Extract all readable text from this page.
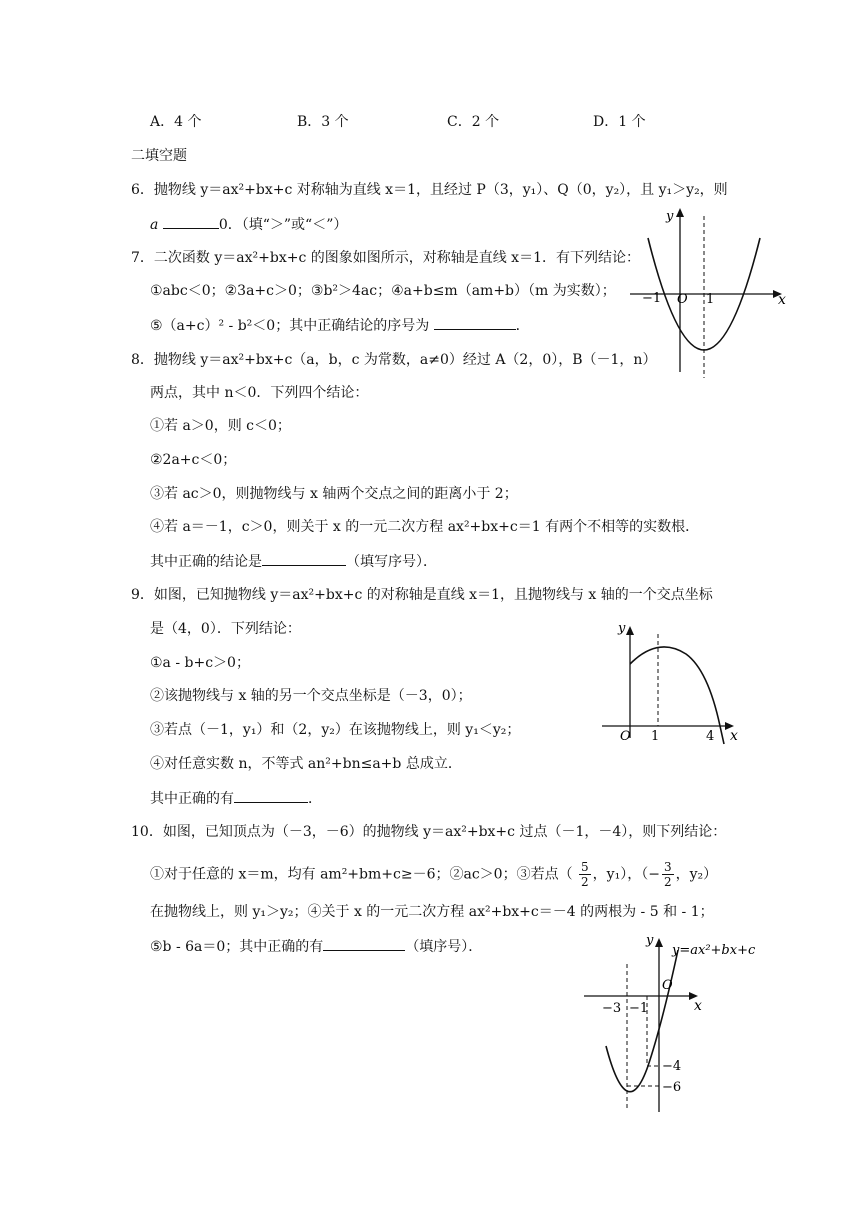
A．4 个	B．3 个	C．2 个	D．1 个
二填空题
6．抛物线 y＝ax²+bx+c 对称轴为直线 x＝1，且经过 P（3，y₁）、Q（0，y₂），且 y₁＞y₂，则
a	0．（填“＞”或“＜”）
7．二次函数 y＝ax²+bx+c 的图象如图所示，对称轴是直线 x＝1．有下列结论：
①abc＜0；②3a+c＞0；③b²＞4ac；④a+b≤m（am+b）（m 为实数）；
⑤（a+c）² - b²＜0；其中正确结论的序号为	．
y
x
−1 O 1
8．抛物线 y＝ax²+bx+c（a，b，c 为常数，a≠0）经过 A（2，0），B（－1，n）
两点，其中 n＜0．下列四个结论：
①若 a＞0，则 c＜0；
②2a+c＜0；
③若 ac＞0，则抛物线与 x 轴两个交点之间的距离小于 2；
④若 a＝－1，c＞0，则关于 x 的一元二次方程 ax²+bx+c＝1 有两个不相等的实数根．
其中正确的结论是	（填写序号）．
9．如图，已知抛物线 y＝ax²+bx+c 的对称轴是直线 x＝1，且抛物线与 x 轴的一个交点坐标
是（4，0）．下列结论：
①a - b+c＞0；
②该抛物线与 x 轴的另一个交点坐标是（－3，0）；
③若点（－1，y₁）和（2，y₂）在该抛物线上，则 y₁＜y₂；
④对任意实数 n，不等式 an²+bn≤a+b 总成立．
其中正确的有	．
y
x
O 1	4
10．如图，已知顶点为（－3，－6）的抛物线 y＝ax²+bx+c 过点（－1，－4），则下列结论：
①对于任意的 x＝m，均有 am²+bm+c≥－6；②ac＞0；③若点（ $\frac{5}{2}$ ，y₁），（− $\frac{3}{2}$ ，y₂）
在抛物线上，则 y₁＞y₂；④关于 x 的一元二次方程 ax²+bx+c＝－4 的两根为 - 5 和 - 1；
⑤b - 6a＝0；其中正确的有	（填序号）．	y
y=ax²+bx+c
x
O
−3 −1
−4
−6
